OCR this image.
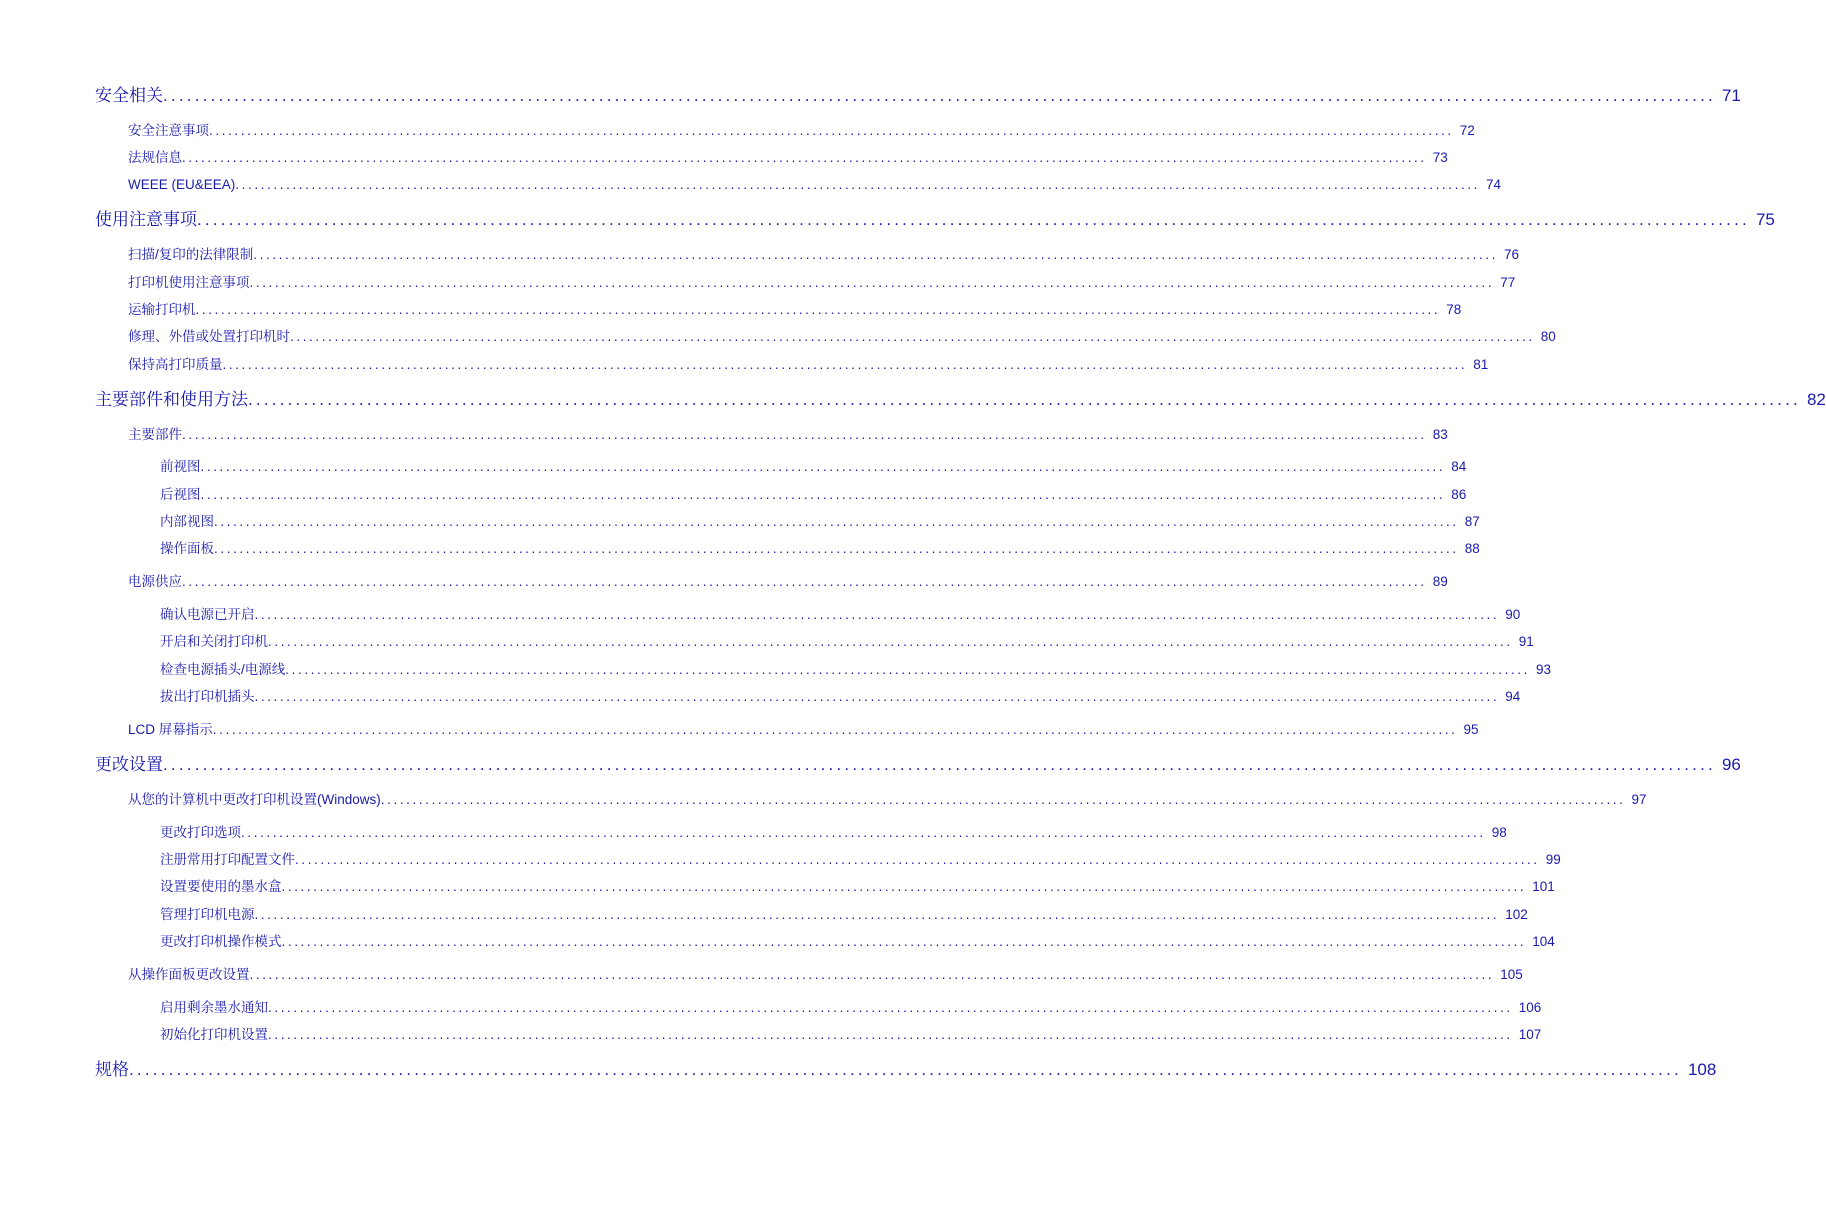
安全相关 .................................................................................................................................................................................................... 71
安全注意事项 .................................................................................................................................................................................................... 72
法规信息 .................................................................................................................................................................................................... 73
WEEE (EU&EEA) .................................................................................................................................................................................................... 74
使用注意事项 .................................................................................................................................................................................................... 75
扫描/复印的法律限制 .................................................................................................................................................................................................... 76
打印机使用注意事项 .................................................................................................................................................................................................... 77
运输打印机 .................................................................................................................................................................................................... 78
修理、外借或处置打印机时 .................................................................................................................................................................................................... 80
保持高打印质量 .................................................................................................................................................................................................... 81
主要部件和使用方法 .................................................................................................................................................................................................... 82
主要部件 .................................................................................................................................................................................................... 83
前视图 .................................................................................................................................................................................................... 84
后视图 .................................................................................................................................................................................................... 86
内部视图 .................................................................................................................................................................................................... 87
操作面板 .................................................................................................................................................................................................... 88
电源供应 .................................................................................................................................................................................................... 89
确认电源已开启 .................................................................................................................................................................................................... 90
开启和关闭打印机 .................................................................................................................................................................................................... 91
检查电源插头/电源线 .................................................................................................................................................................................................... 93
拔出打印机插头 .................................................................................................................................................................................................... 94
LCD 屏幕指示 .................................................................................................................................................................................................... 95
更改设置 .................................................................................................................................................................................................... 96
从您的计算机中更改打印机设置(Windows) .................................................................................................................................................................................................... 97
更改打印选项 .................................................................................................................................................................................................... 98
注册常用打印配置文件 .................................................................................................................................................................................................... 99
设置要使用的墨水盒 .................................................................................................................................................................................................... 101
管理打印机电源 .................................................................................................................................................................................................... 102
更改打印机操作模式 .................................................................................................................................................................................................... 104
从操作面板更改设置 .................................................................................................................................................................................................... 105
启用剩余墨水通知 .................................................................................................................................................................................................... 106
初始化打印机设置 .................................................................................................................................................................................................... 107
规格 .................................................................................................................................................................................................... 108
